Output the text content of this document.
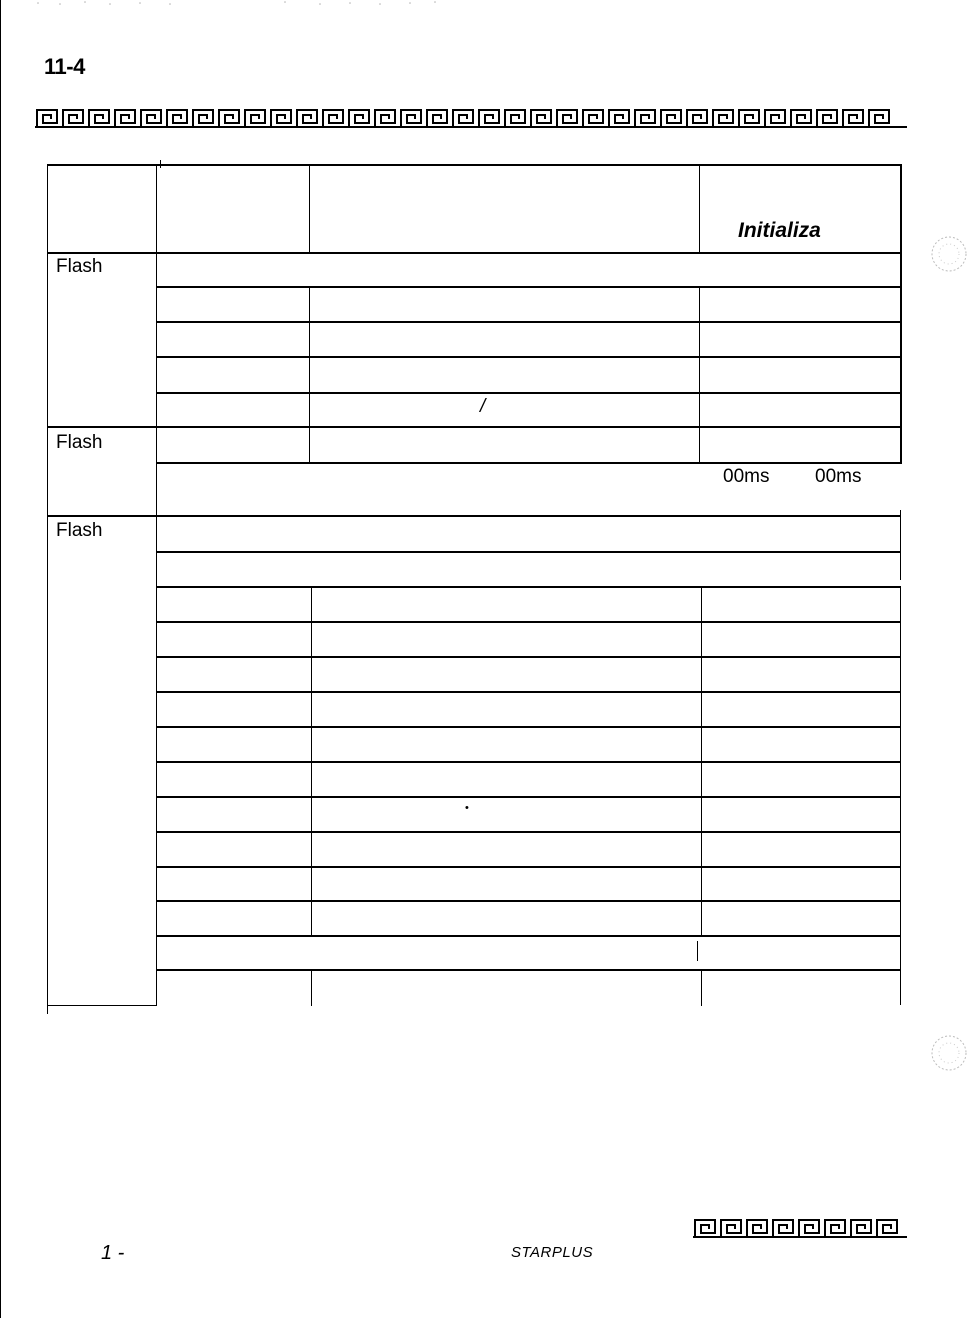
11-4
Initializa
Flash
Flash
Flash
/
•
00ms 00ms
1 -	STARPLUS
